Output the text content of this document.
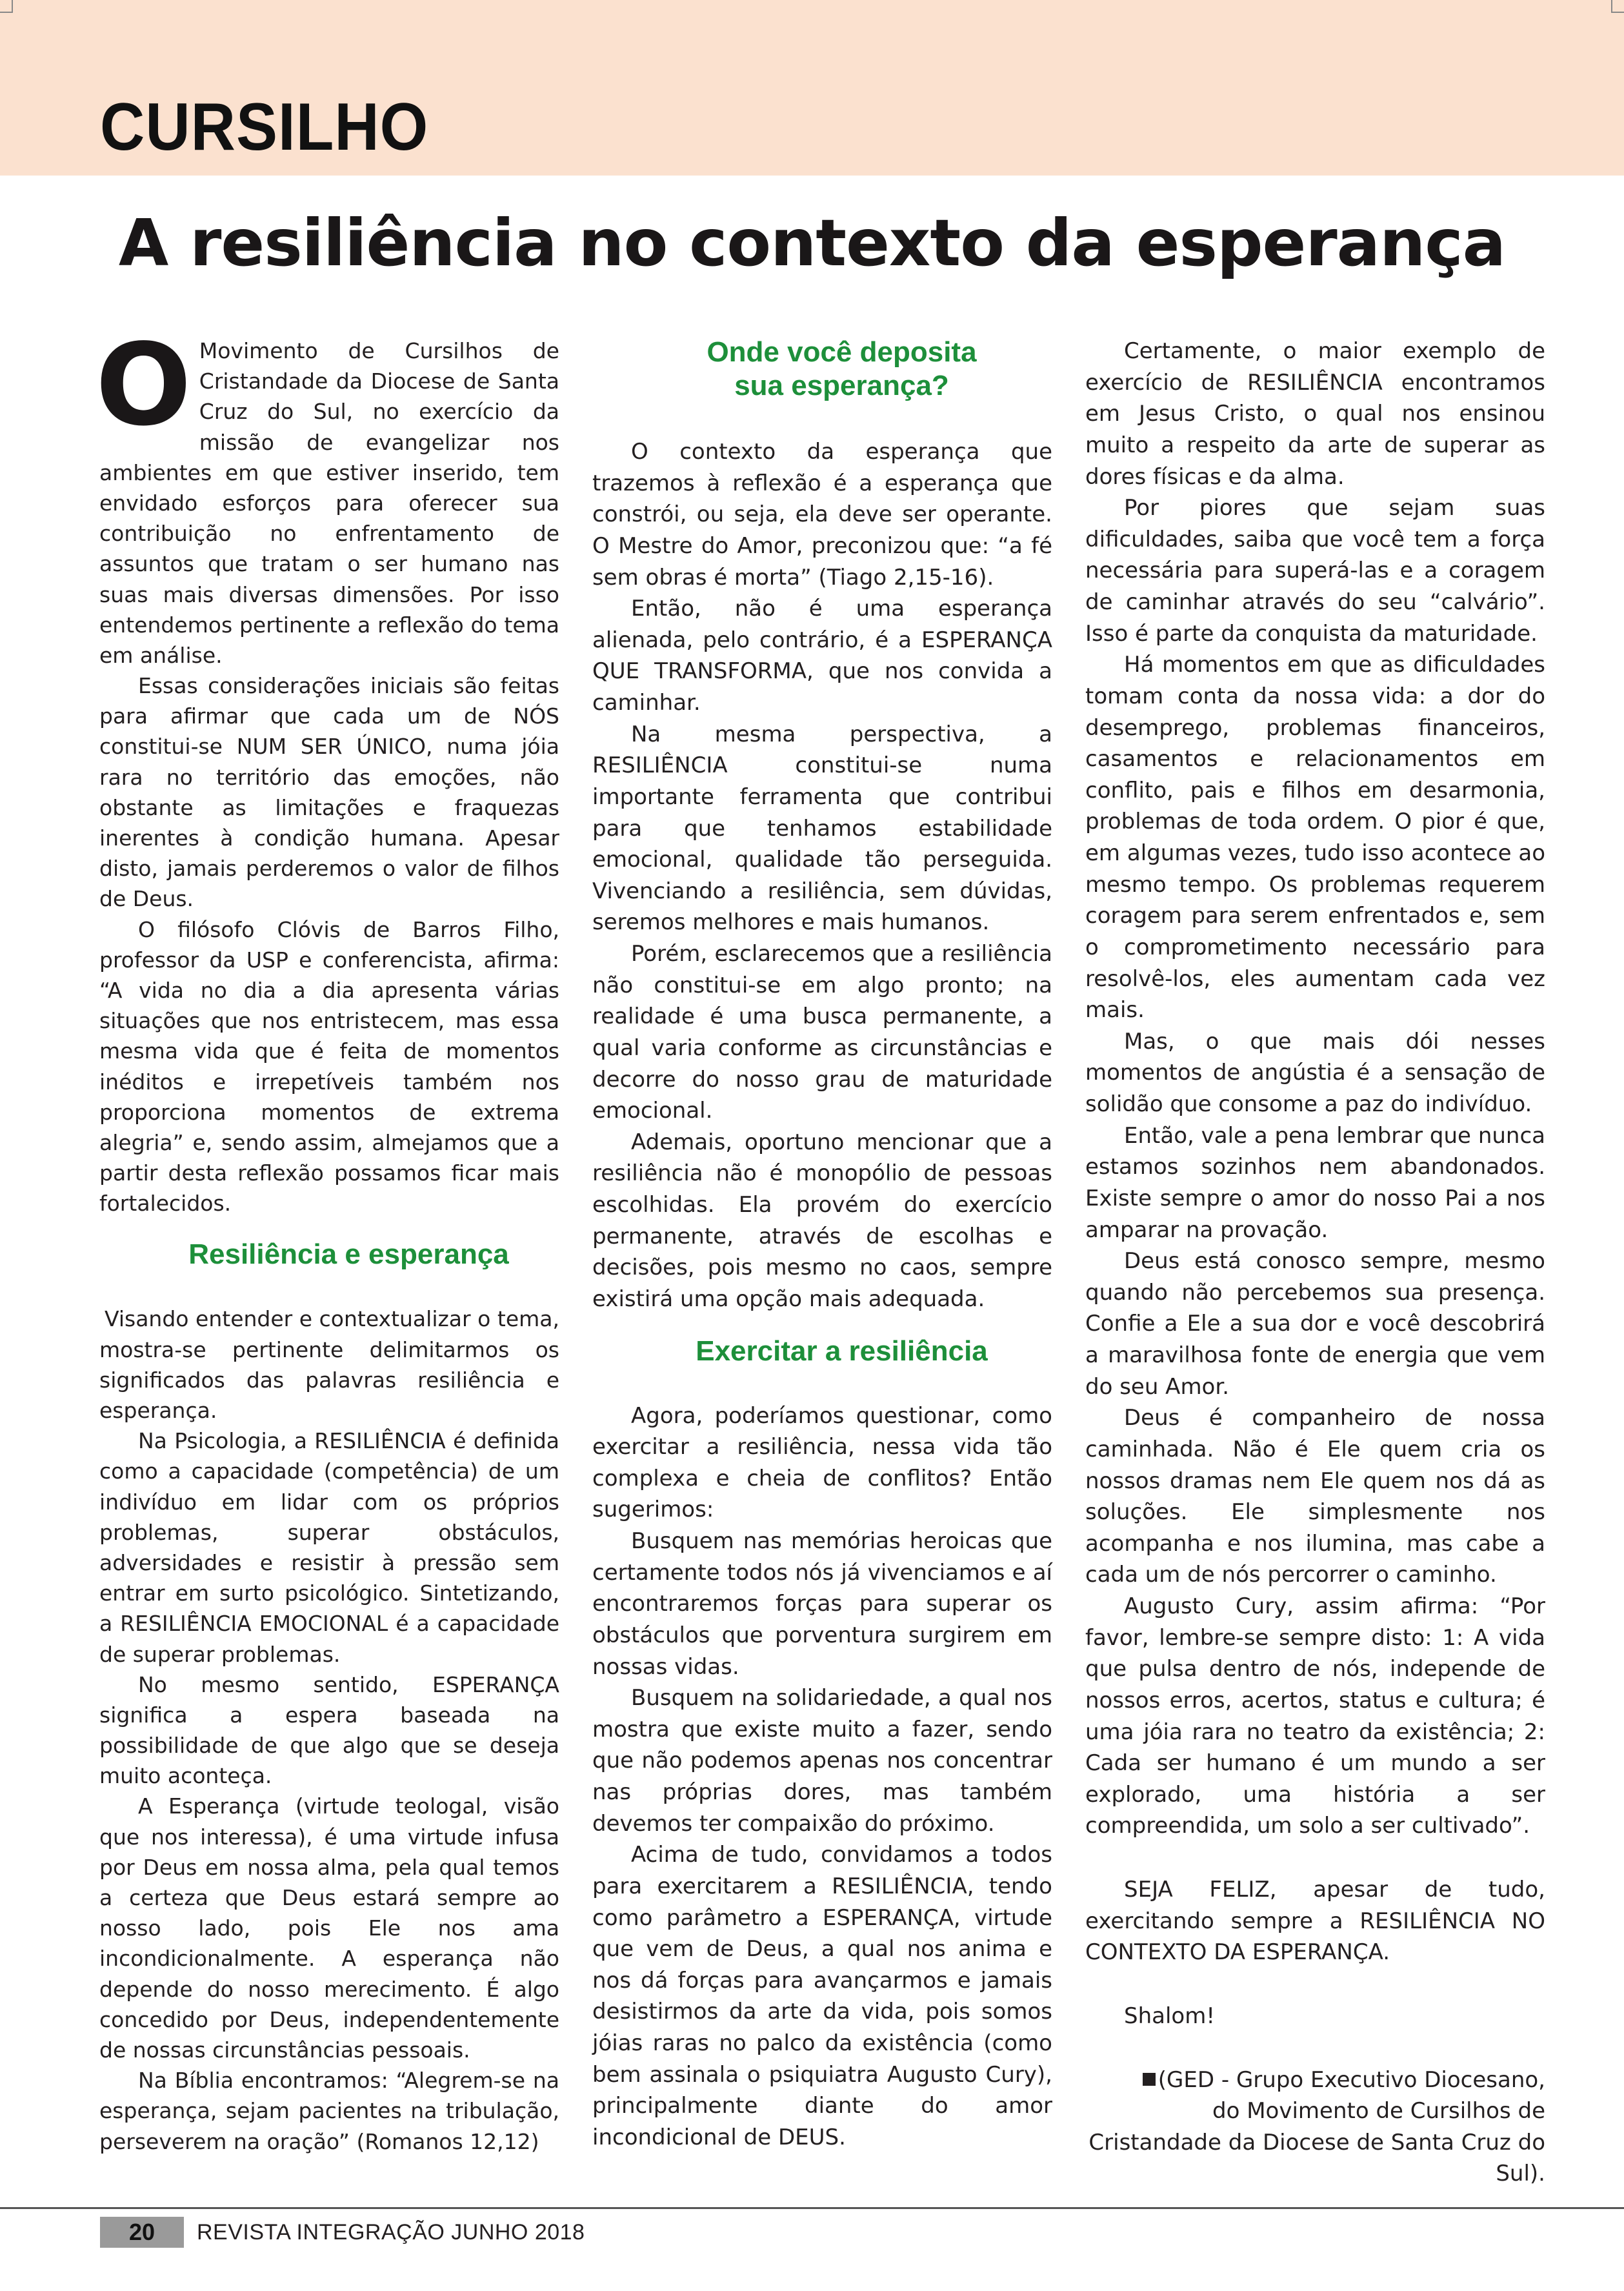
CURSILHO
A resiliência no contexto da esperança

O Movimento de Cursilhos de Cristandade da Diocese de Santa Cruz do Sul, no exercício da missão de evangelizar nos ambientes em que estiver inserido, tem envidado esforços para oferecer sua contribuição no enfrentamento de assuntos que tratam o ser humano nas suas mais diversas dimensões. Por isso entendemos pertinente a reflexão do tema em análise.

Essas considerações iniciais são feitas para afirmar que cada um de NÓS constitui-se NUM SER ÚNICO, numa jóia rara no território das emoções, não obstante as limitações e fraquezas inerentes à condição humana. Apesar disto, jamais perderemos o valor de filhos de Deus.

O filósofo Clóvis de Barros Filho, professor da USP e conferencista, afirma: “A vida no dia a dia apresenta várias situações que nos entristecem, mas essa mesma vida que é feita de momentos inéditos e irrepetíveis também nos proporciona momentos de extrema alegria” e, sendo assim, almejamos que a partir desta reflexão possamos ficar mais fortalecidos.

Resiliência e esperança

Visando entender e contextualizar o tema, mostra-se pertinente delimitarmos os significados das palavras resiliência e esperança.

Na Psicologia, a RESILIÊNCIA é definida como a capacidade (competência) de um indivíduo em lidar com os próprios problemas, superar obstáculos, adversidades e resistir à pressão sem entrar em surto psicológico. Sintetizando, a RESILIÊNCIA EMOCIONAL é a capacidade de superar problemas.

No mesmo sentido, ESPERANÇA significa a espera baseada na possibilidade de que algo que se deseja muito aconteça.

A Esperança (virtude teologal, visão que nos interessa), é uma virtude infusa por Deus em nossa alma, pela qual temos a certeza que Deus estará sempre ao nosso lado, pois Ele nos ama incondicionalmente. A esperança não depende do nosso merecimento. É algo concedido por Deus, independentemente de nossas circunstâncias pessoais.

Na Bíblia encontramos: “Alegrem-se na esperança, sejam pacientes na tribulação, perseverem na oração” (Romanos 12,12)

Onde você deposita
sua esperança?

O contexto da esperança que trazemos à reflexão é a esperança que constrói, ou seja, ela deve ser operante. O Mestre do Amor, preconizou que: “a fé sem obras é morta” (Tiago 2,15-16).

Então, não é uma esperança alienada, pelo contrário, é a ESPERANÇA QUE TRANSFORMA, que nos convida a caminhar.

Na mesma perspectiva, a RESILIÊNCIA constitui-se numa importante ferramenta que contribui para que tenhamos estabilidade emocional, qualidade tão perseguida. Vivenciando a resiliência, sem dúvidas, seremos melhores e mais humanos.

Porém, esclarecemos que a resiliência não constitui-se em algo pronto; na realidade é uma busca permanente, a qual varia conforme as circunstâncias e decorre do nosso grau de maturidade emocional.

Ademais, oportuno mencionar que a resiliência não é monopólio de pessoas escolhidas. Ela provém do exercício permanente, através de escolhas e decisões, pois mesmo no caos, sempre existirá uma opção mais adequada.

Exercitar a resiliência

Agora, poderíamos questionar, como exercitar a resiliência, nessa vida tão complexa e cheia de conflitos? Então sugerimos:

Busquem nas memórias heroicas que certamente todos nós já vivenciamos e aí encontraremos forças para superar os obstáculos que porventura surgirem em nossas vidas.

Busquem na solidariedade, a qual nos mostra que existe muito a fazer, sendo que não podemos apenas nos concentrar nas próprias dores, mas também devemos ter compaixão do próximo.

Acima de tudo, convidamos a todos para exercitarem a RESILIÊNCIA, tendo como parâmetro a ESPERANÇA, virtude que vem de Deus, a qual nos anima e nos dá forças para avançarmos e jamais desistirmos da arte da vida, pois somos jóias raras no palco da existência (como bem assinala o psiquiatra Augusto Cury), principalmente diante do amor incondicional de DEUS.

Certamente, o maior exemplo de exercício de RESILIÊNCIA encontramos em Jesus Cristo, o qual nos ensinou muito a respeito da arte de superar as dores físicas e da alma.

Por piores que sejam suas dificuldades, saiba que você tem a força necessária para superá-las e a coragem de caminhar através do seu “calvário”. Isso é parte da conquista da maturidade.

Há momentos em que as dificuldades tomam conta da nossa vida: a dor do desemprego, problemas financeiros, casamentos e relacionamentos em conflito, pais e filhos em desarmonia, problemas de toda ordem. O pior é que, em algumas vezes, tudo isso acontece ao mesmo tempo. Os problemas requerem coragem para serem enfrentados e, sem o comprometimento necessário para resolvê-los, eles aumentam cada vez mais.

Mas, o que mais dói nesses momentos de angústia é a sensação de solidão que consome a paz do indivíduo.

Então, vale a pena lembrar que nunca estamos sozinhos nem abandonados. Existe sempre o amor do nosso Pai a nos amparar na provação.

Deus está conosco sempre, mesmo quando não percebemos sua presença. Confie a Ele a sua dor e você descobrirá a maravilhosa fonte de energia que vem do seu Amor.

Deus é companheiro de nossa caminhada. Não é Ele quem cria os nossos dramas nem Ele quem nos dá as soluções. Ele simplesmente nos acompanha e nos ilumina, mas cabe a cada um de nós percorrer o caminho.

Augusto Cury, assim afirma: “Por favor, lembre-se sempre disto: 1: A vida que pulsa dentro de nós, independe de nossos erros, acertos, status e cultura; é uma jóia rara no teatro da existência; 2: Cada ser humano é um mundo a ser explorado, uma história a ser compreendida, um solo a ser cultivado”.

SEJA FELIZ, apesar de tudo, exercitando sempre a RESILIÊNCIA NO CONTEXTO DA ESPERANÇA.

Shalom!

(GED - Grupo Executivo Diocesano, do Movimento de Cursilhos de Cristandade da Diocese de Santa Cruz do Sul).

20	REVISTA INTEGRAÇÃO JUNHO 2018
